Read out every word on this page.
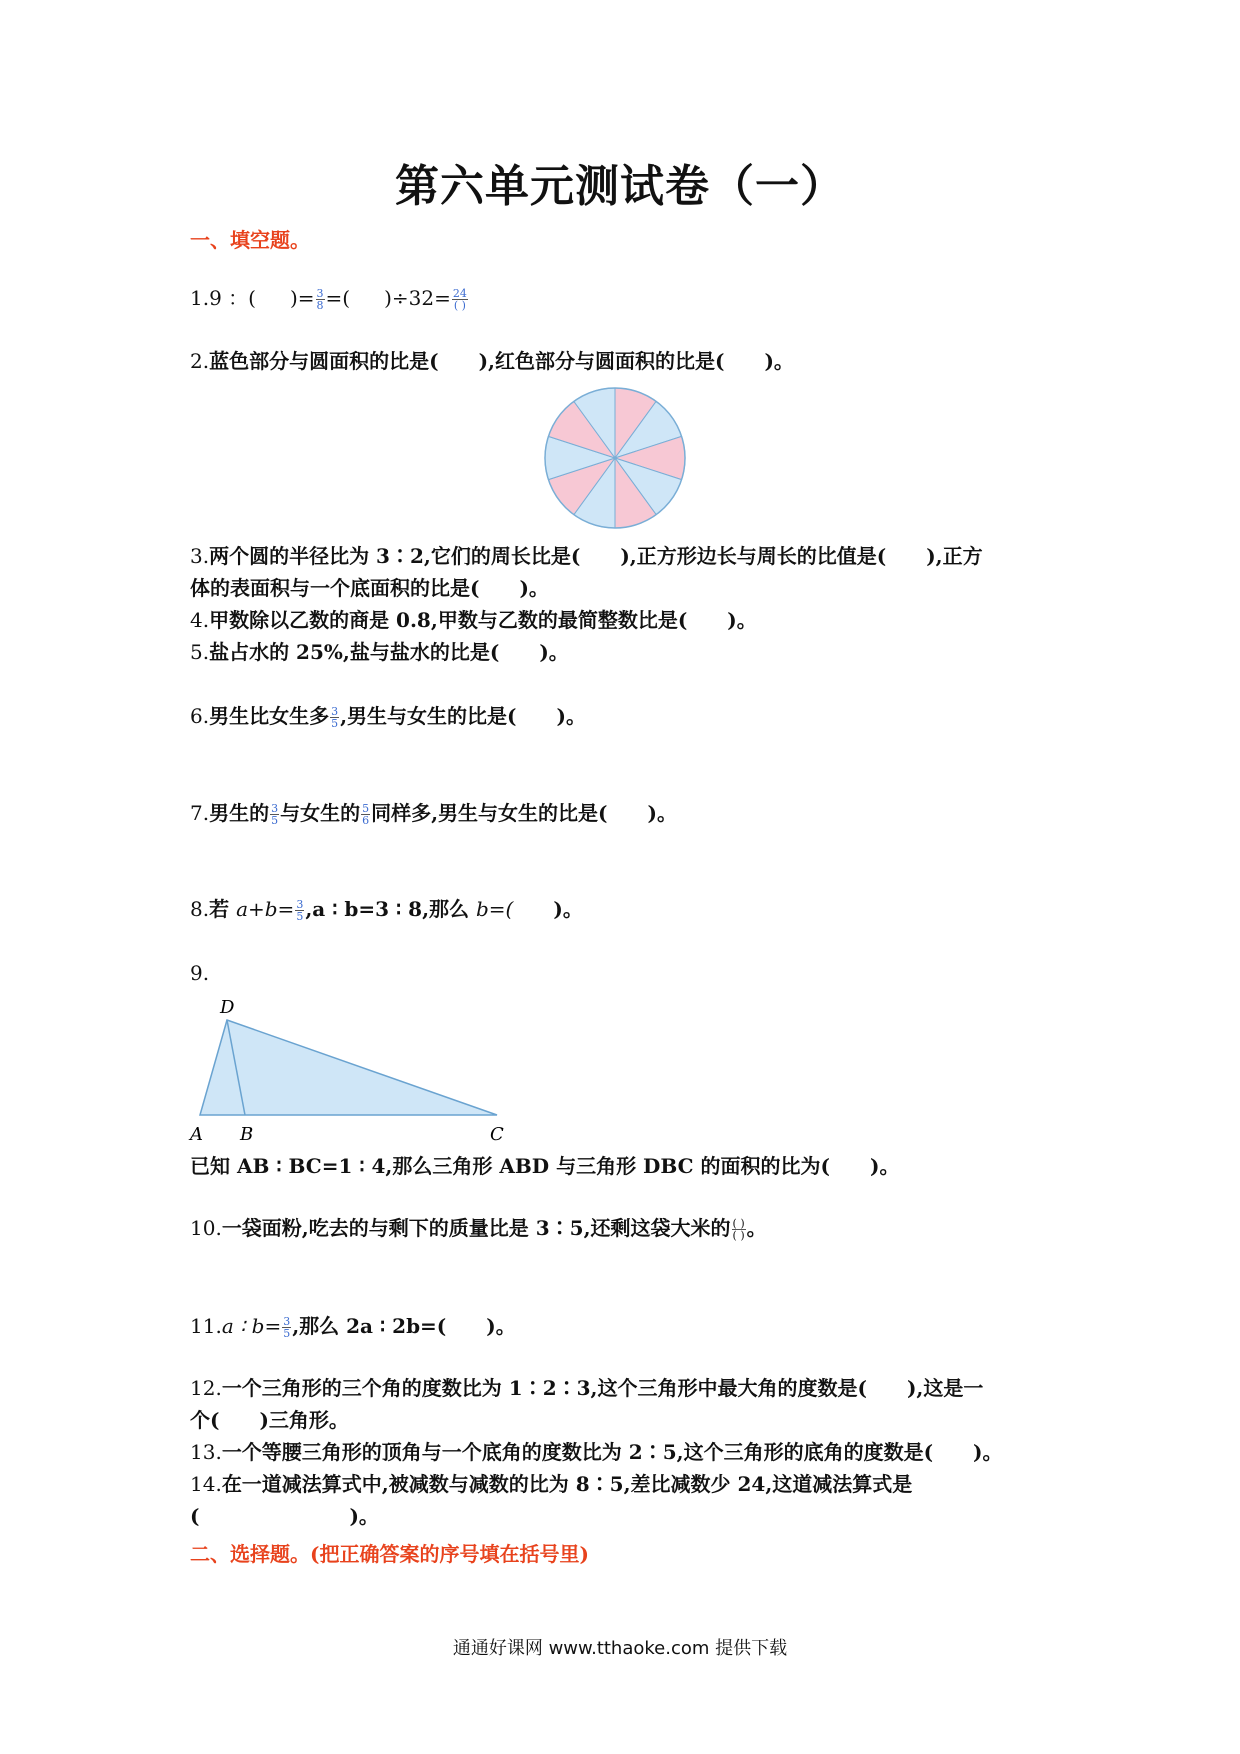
第六单元测试卷（一）
一、填空题。
1.9 ：( )= $\frac{3}{8}$ =( )$\div 32= \frac{24}{( )}$
2.蓝色部分与圆面积的比是( ),红色部分与圆面积的比是( )。
3.两个圆的半径比为 3∶2,它们的周长比是( ),正方形边长与周长的比值是( ),正方
体的表面积与一个底面积的比是( )。
4.甲数除以乙数的商是 0.8,甲数与乙数的最简整数比是( )。
5.盐占水的 25%,盐与盐水的比是( )。
6.男生比女生多 $\frac{3}{5}$ ,男生与女生的比是( )。
7.男生的 $\frac{3}{5}$ 与女生的 $\frac{5}{6}$ 同样多,男生与女生的比是( )。
8.若 $a+b= \frac{3}{5} ,a$ ∶ b=3 ∶ 8,那么 b=( )。
9.
D
A B	C
已知 AB ∶ BC=1 ∶ 4,那么三角形 ABD 与三角形 DBC 的面积的比为( )。
10.一袋面粉,吃去的与剩下的质量比是 3∶5,还剩这袋大米的 $\frac{( )}{( )}$ 。
11.a ∶ $b= \frac{3}{5}$ ,那么 2a ∶ 2b=( )。
12.一个三角形的三个角的度数比为 1∶2∶3,这个三角形中最大角的度数是( ),这是一
个( )三角形。
13.一个等腰三角形的顶角与一个底角的度数比为 2∶5,这个三角形的底角的度数是( )。
14.在一道减法算式中,被减数与减数的比为 8∶5,差比减数少 24,这道减法算式是
(	)。
二、选择题。(把正确答案的序号填在括号里)
通通好课网 www.tthaoke.com 提供下载
